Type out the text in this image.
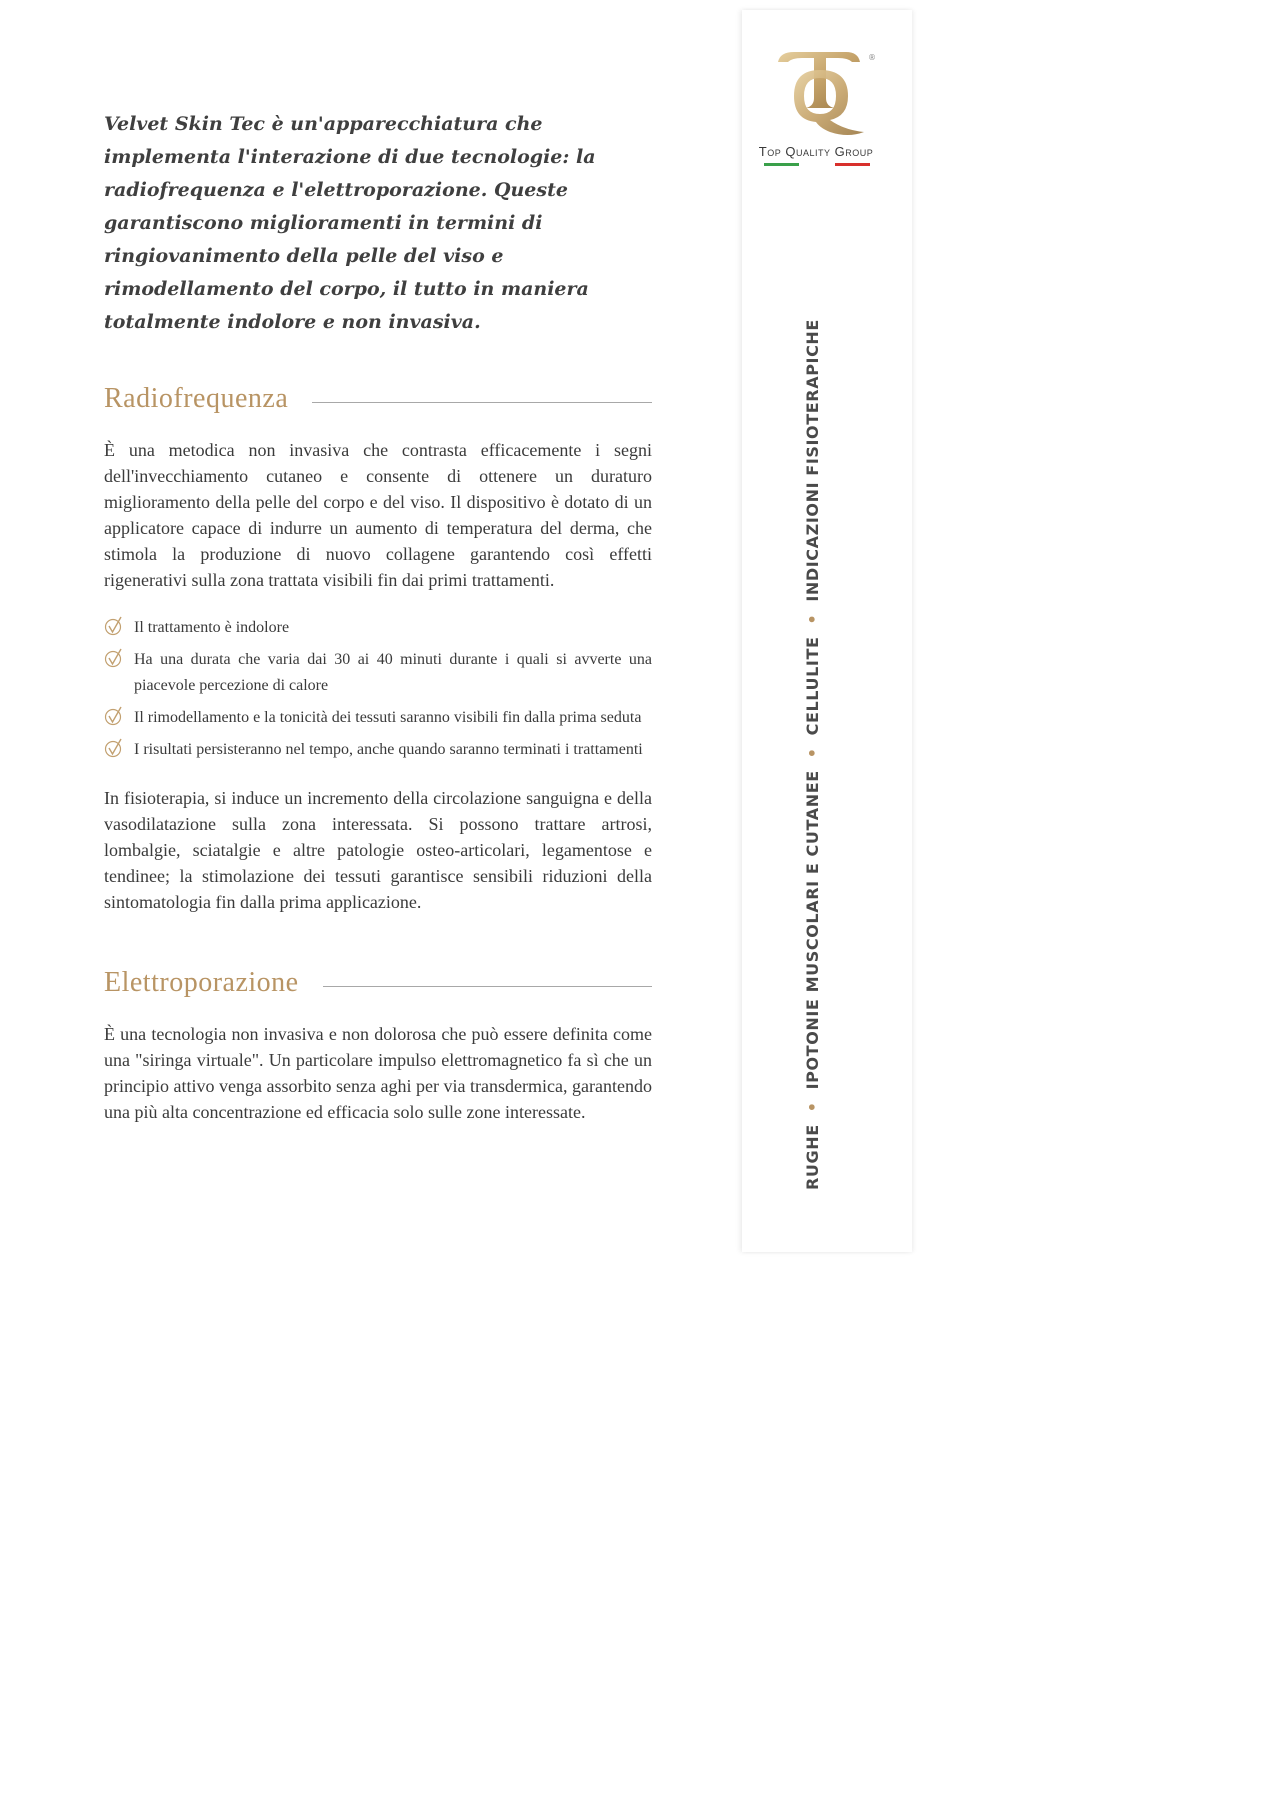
Velvet Skin Tec è un'apparecchiatura che implementa l'interazione di due tecnologie: la radiofrequenza e l'elettroporazione. Queste garantiscono miglioramenti in termini di ringiovanimento della pelle del viso e rimodellamento del corpo, il tutto in maniera totalmente indolore e non invasiva.

Radiofrequenza

È una metodica non invasiva che contrasta efficacemente i segni dell'invecchiamento cutaneo e consente di ottenere un duraturo miglioramento della pelle del corpo e del viso. Il dispositivo è dotato di un applicatore capace di indurre un aumento di temperatura del derma, che stimola la produzione di nuovo collagene garantendo così effetti rigenerativi sulla zona trattata visibili fin dai primi trattamenti.

Il trattamento è indolore
Ha una durata che varia dai 30 ai 40 minuti durante i quali si avverte una piacevole percezione di calore
Il rimodellamento e la tonicità dei tessuti saranno visibili fin dalla prima seduta
I risultati persisteranno nel tempo, anche quando saranno terminati i trattamenti

In fisioterapia, si induce un incremento della circolazione sanguigna e della vasodilatazione sulla zona interessata. Si possono trattare artrosi, lombalgie, sciatalgie e altre patologie osteo-articolari, legamentose e tendinee; la stimolazione dei tessuti garantisce sensibili riduzioni della sintomatologia fin dalla prima applicazione.

Elettroporazione

È una tecnologia non invasiva e non dolorosa che può essere definita come una "siringa virtuale". Un particolare impulso elettromagnetico fa sì che un principio attivo venga assorbito senza aghi per via transdermica, garantendo una più alta concentrazione ed efficacia solo sulle zone interessate.

®
Top Quality Group
RUGHE•IPOTONIE MUSCOLARI E CUTANEE•CELLULITE•INDICAZIONI FISIOTERAPICHE
